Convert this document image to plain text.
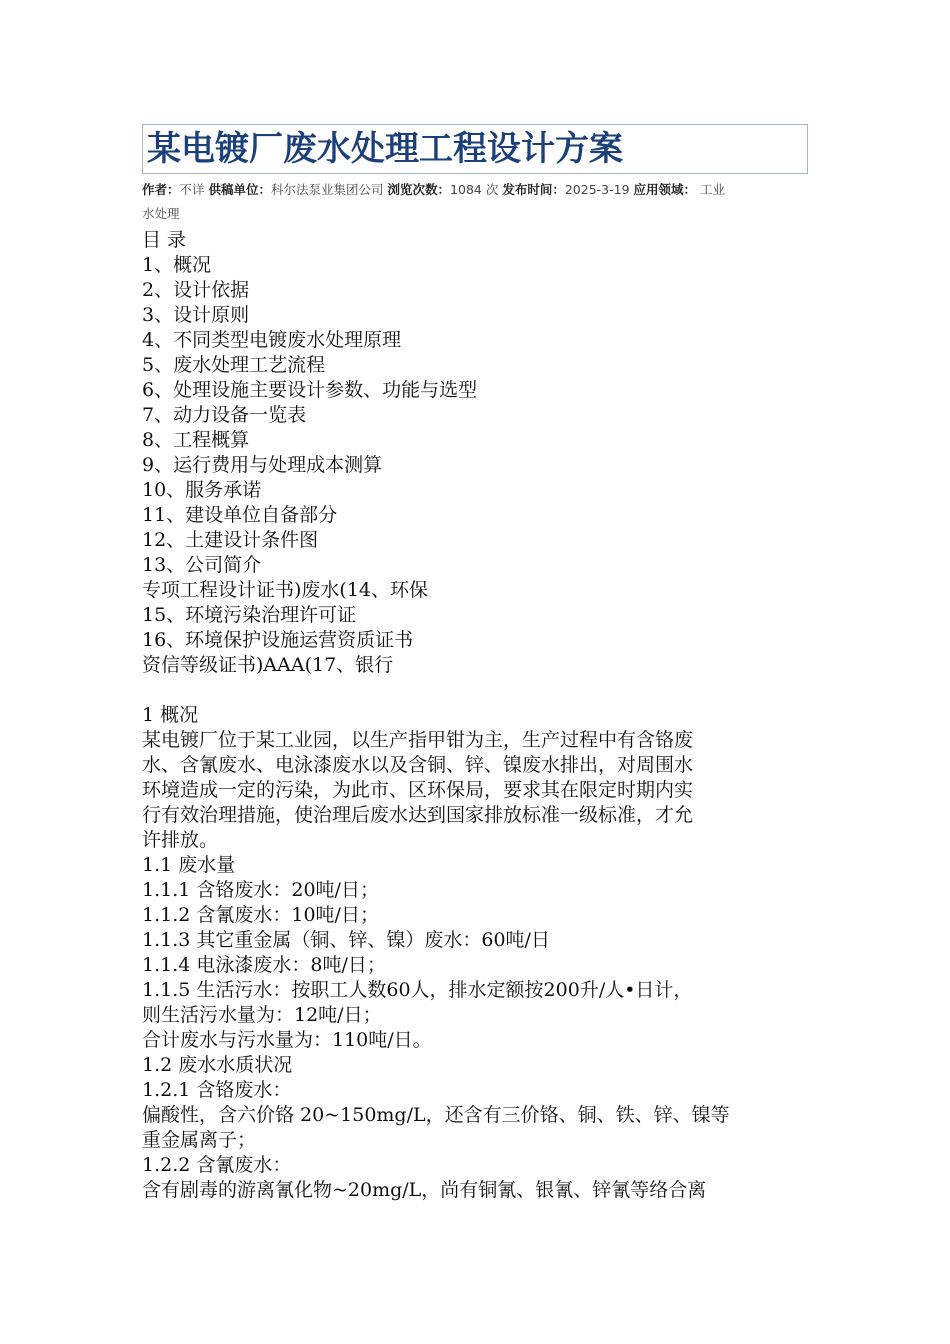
某电镀厂废水处理工程设计方案
作者：不详 供稿单位：科尔法泵业集团公司 浏览次数：1084 次 发布时间：2025-3-19 应用领域： 工业
水处理
目 录
1、概况
2、设计依据
3、设计原则
4、不同类型电镀废水处理原理
5、废水处理工艺流程
6、处理设施主要设计参数、功能与选型
7、动力设备一览表
8、工程概算
9、运行费用与处理成本测算
10、服务承诺
11、建设单位自备部分
12、土建设计条件图
13、公司简介
专项工程设计证书)废水(14、环保
15、环境污染治理许可证
16、环境保护设施运营资质证书
资信等级证书)AAA(17、银行
1 概况
某电镀厂位于某工业园，以生产指甲钳为主，生产过程中有含铬废
水、含氰废水、电泳漆废水以及含铜、锌、镍废水排出，对周围水
环境造成一定的污染，为此市、区环保局，要求其在限定时期内实
行有效治理措施，使治理后废水达到国家排放标准一级标准，才允
许排放。
1.1 废水量
1.1.1 含铬废水：20吨/日；
1.1.2 含氰废水：10吨/日；
1.1.3 其它重金属（铜、锌、镍）废水：60吨/日
1.1.4 电泳漆废水：8吨/日；
1.1.5 生活污水：按职工人数60人，排水定额按200升/人•日计，
则生活污水量为：12吨/日；
合计废水与污水量为：110吨/日。
1.2 废水水质状况
1.2.1 含铬废水：
偏酸性，含六价铬 20~150mg/L，还含有三价铬、铜、铁、锌、镍等
重金属离子；
1.2.2 含氰废水：
含有剧毒的游离氰化物~20mg/L，尚有铜氰、银氰、锌氰等络合离
